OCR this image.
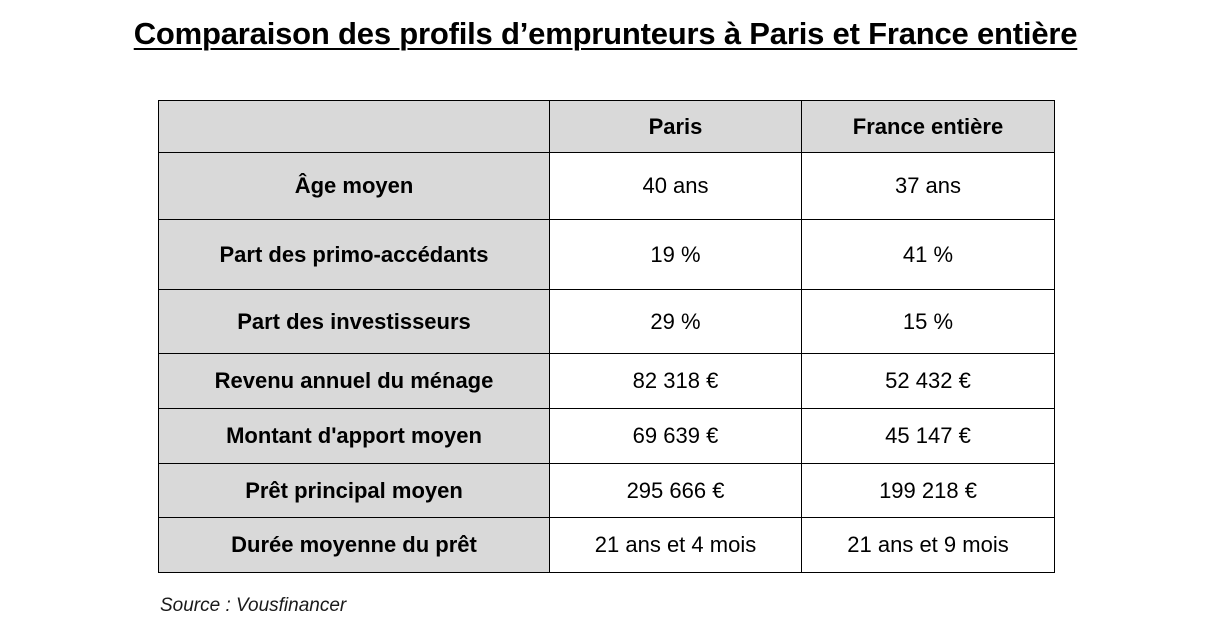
Comparaison des profils d’emprunteurs à Paris et France entière
	Paris	France entière
Âge moyen	40 ans	37 ans
Part des primo-accédants	19 %	41 %
Part des investisseurs	29 %	15 %
Revenu annuel du ménage	82 318 €	52 432 €
Montant d'apport moyen	69 639 €	45 147 €
Prêt principal moyen	295 666 €	199 218 €
Durée moyenne du prêt	21 ans et 4 mois	21 ans et 9 mois
Source : Vousfinancer
